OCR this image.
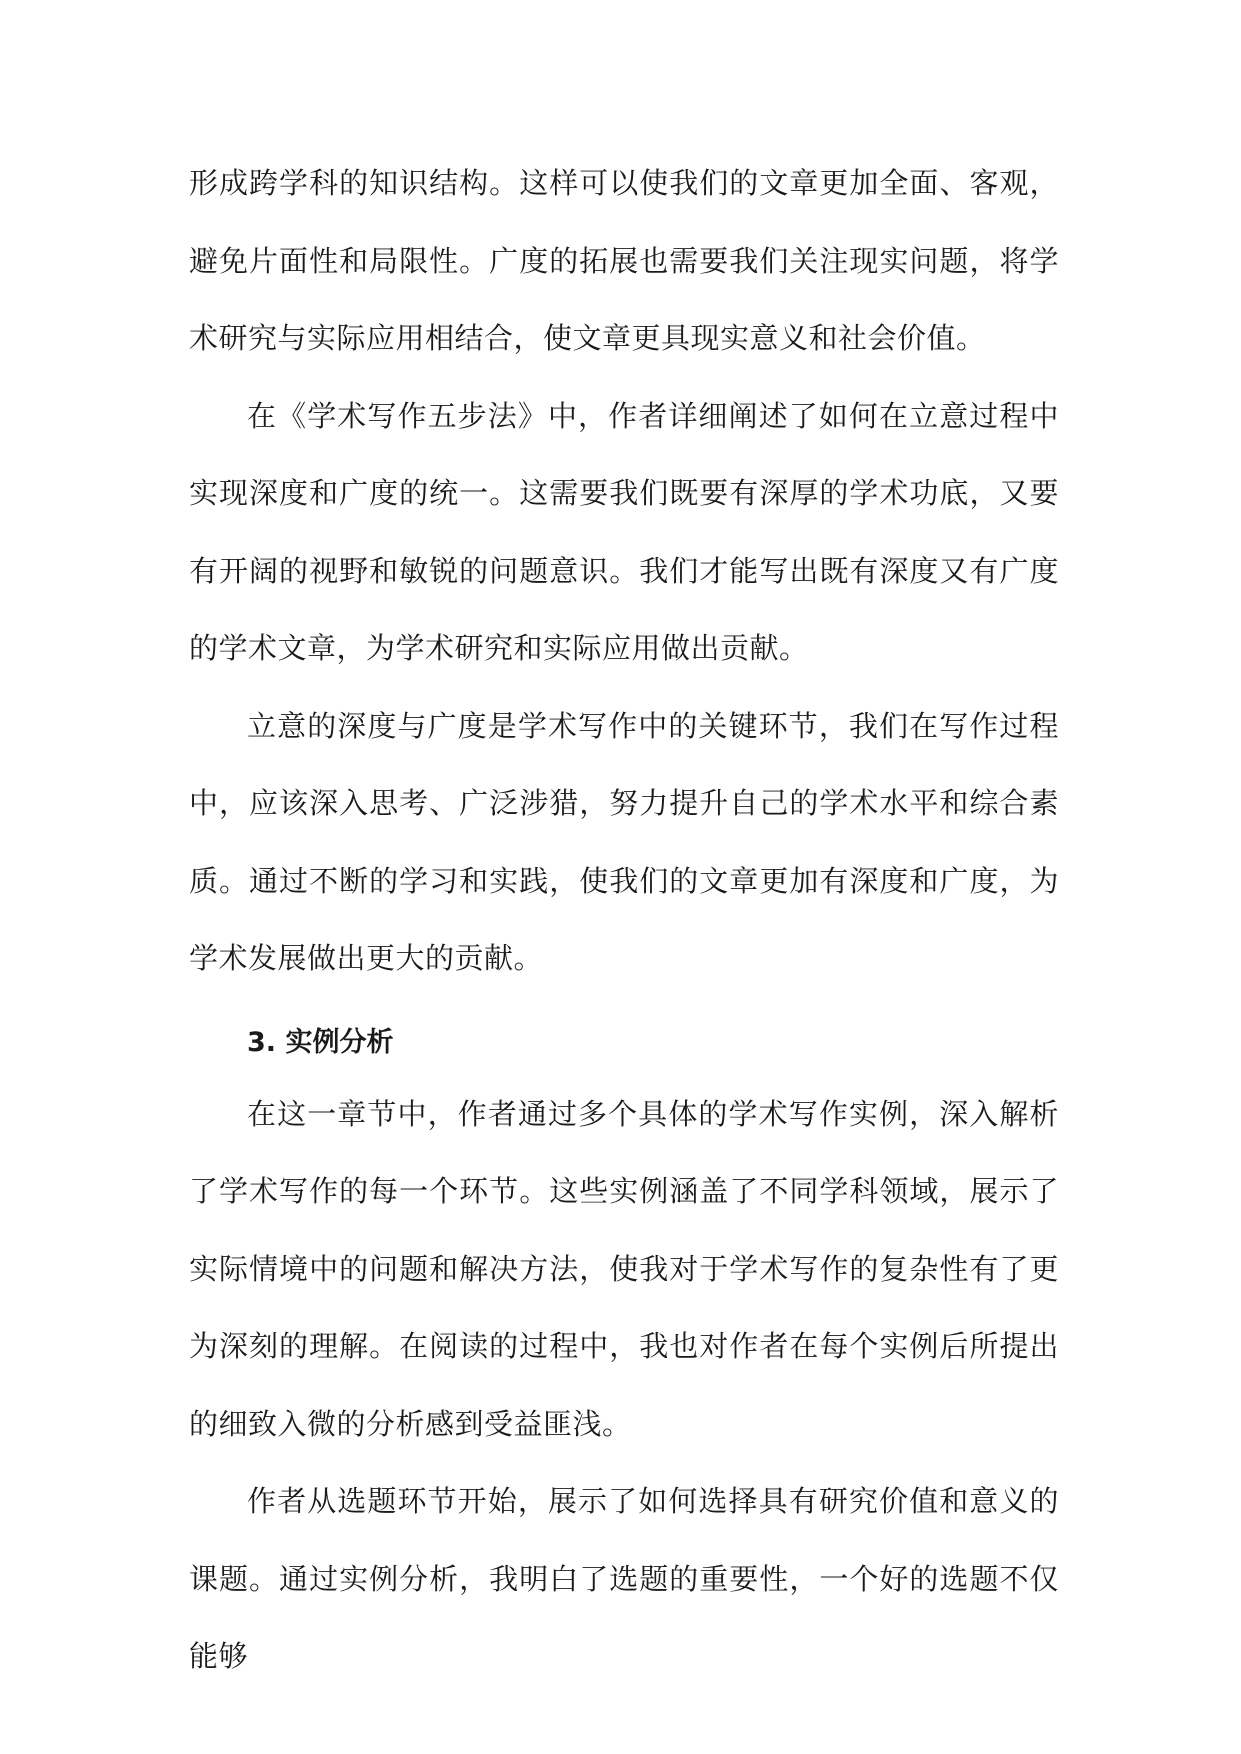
形成跨学科的知识结构。这样可以使我们的文章更加全面、客观，避免片面性和局限性。广度的拓展也需要我们关注现实问题，将学术研究与实际应用相结合，使文章更具现实意义和社会价值。

在《学术写作五步法》中，作者详细阐述了如何在立意过程中实现深度和广度的统一。这需要我们既要有深厚的学术功底，又要有开阔的视野和敏锐的问题意识。我们才能写出既有深度又有广度的学术文章，为学术研究和实际应用做出贡献。

立意的深度与广度是学术写作中的关键环节，我们在写作过程中，应该深入思考、广泛涉猎，努力提升自己的学术水平和综合素质。通过不断的学习和实践，使我们的文章更加有深度和广度，为学术发展做出更大的贡献。

3. 实例分析

在这一章节中，作者通过多个具体的学术写作实例，深入解析了学术写作的每一个环节。这些实例涵盖了不同学科领域，展示了实际情境中的问题和解决方法，使我对于学术写作的复杂性有了更为深刻的理解。在阅读的过程中，我也对作者在每个实例后所提出的细致入微的分析感到受益匪浅。

作者从选题环节开始，展示了如何选择具有研究价值和意义的课题。通过实例分析，我明白了选题的重要性，一个好的选题不仅能够
